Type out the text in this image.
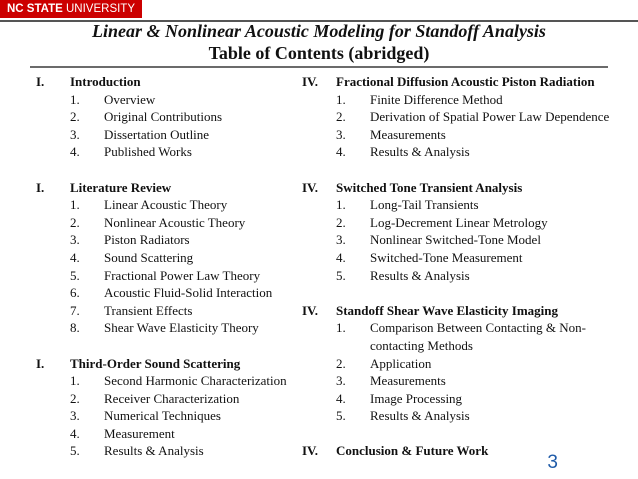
NC STATE UNIVERSITY
Linear & Nonlinear Acoustic Modeling for Standoff Analysis
Table of Contents (abridged)
I.	Introduction
1.	Overview
2.	Original Contributions
3.	Dissertation Outline
4.	Published Works
I.	Literature Review
1.	Linear Acoustic Theory
2.	Nonlinear Acoustic Theory
3.	Piston Radiators
4.	Sound Scattering
5.	Fractional Power Law Theory
6.	Acoustic Fluid-Solid Interaction
7.	Transient Effects
8.	Shear Wave Elasticity Theory
I.	Third-Order Sound Scattering
1.	Second Harmonic Characterization
2.	Receiver Characterization
3.	Numerical Techniques
4.	Measurement
5.	Results & Analysis
IV.	Fractional Diffusion Acoustic Piston Radiation
1.	Finite Difference Method
2.	Derivation of Spatial Power Law Dependence
3.	Measurements
4.	Results & Analysis
IV.	Switched Tone Transient Analysis
1.	Long-Tail Transients
2.	Log-Decrement Linear Metrology
3.	Nonlinear Switched-Tone Model
4.	Switched-Tone Measurement
5.	Results & Analysis
IV.	Standoff Shear Wave Elasticity Imaging
1.	Comparison Between Contacting & Non-contacting Methods
2.	Application
3.	Measurements
4.	Image Processing
5.	Results & Analysis
IV.	Conclusion & Future Work
3
